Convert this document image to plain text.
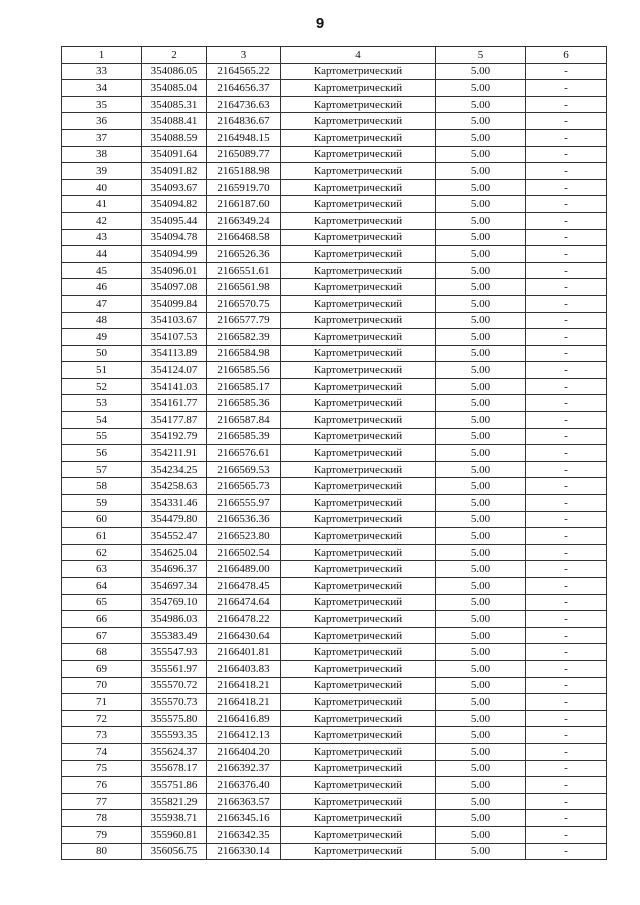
9
1	2	3	4	5	6
33	354086.05	2164565.22	Картометрический	5.00	-
34	354085.04	2164656.37	Картометрический	5.00	-
35	354085.31	2164736.63	Картометрический	5.00	-
36	354088.41	2164836.67	Картометрический	5.00	-
37	354088.59	2164948.15	Картометрический	5.00	-
38	354091.64	2165089.77	Картометрический	5.00	-
39	354091.82	2165188.98	Картометрический	5.00	-
40	354093.67	2165919.70	Картометрический	5.00	-
41	354094.82	2166187.60	Картометрический	5.00	-
42	354095.44	2166349.24	Картометрический	5.00	-
43	354094.78	2166468.58	Картометрический	5.00	-
44	354094.99	2166526.36	Картометрический	5.00	-
45	354096.01	2166551.61	Картометрический	5.00	-
46	354097.08	2166561.98	Картометрический	5.00	-
47	354099.84	2166570.75	Картометрический	5.00	-
48	354103.67	2166577.79	Картометрический	5.00	-
49	354107.53	2166582.39	Картометрический	5.00	-
50	354113.89	2166584.98	Картометрический	5.00	-
51	354124.07	2166585.56	Картометрический	5.00	-
52	354141.03	2166585.17	Картометрический	5.00	-
53	354161.77	2166585.36	Картометрический	5.00	-
54	354177.87	2166587.84	Картометрический	5.00	-
55	354192.79	2166585.39	Картометрический	5.00	-
56	354211.91	2166576.61	Картометрический	5.00	-
57	354234.25	2166569.53	Картометрический	5.00	-
58	354258.63	2166565.73	Картометрический	5.00	-
59	354331.46	2166555.97	Картометрический	5.00	-
60	354479.80	2166536.36	Картометрический	5.00	-
61	354552.47	2166523.80	Картометрический	5.00	-
62	354625.04	2166502.54	Картометрический	5.00	-
63	354696.37	2166489.00	Картометрический	5.00	-
64	354697.34	2166478.45	Картометрический	5.00	-
65	354769.10	2166474.64	Картометрический	5.00	-
66	354986.03	2166478.22	Картометрический	5.00	-
67	355383.49	2166430.64	Картометрический	5.00	-
68	355547.93	2166401.81	Картометрический	5.00	-
69	355561.97	2166403.83	Картометрический	5.00	-
70	355570.72	2166418.21	Картометрический	5.00	-
71	355570.73	2166418.21	Картометрический	5.00	-
72	355575.80	2166416.89	Картометрический	5.00	-
73	355593.35	2166412.13	Картометрический	5.00	-
74	355624.37	2166404.20	Картометрический	5.00	-
75	355678.17	2166392.37	Картометрический	5.00	-
76	355751.86	2166376.40	Картометрический	5.00	-
77	355821.29	2166363.57	Картометрический	5.00	-
78	355938.71	2166345.16	Картометрический	5.00	-
79	355960.81	2166342.35	Картометрический	5.00	-
80	356056.75	2166330.14	Картометрический	5.00	-
